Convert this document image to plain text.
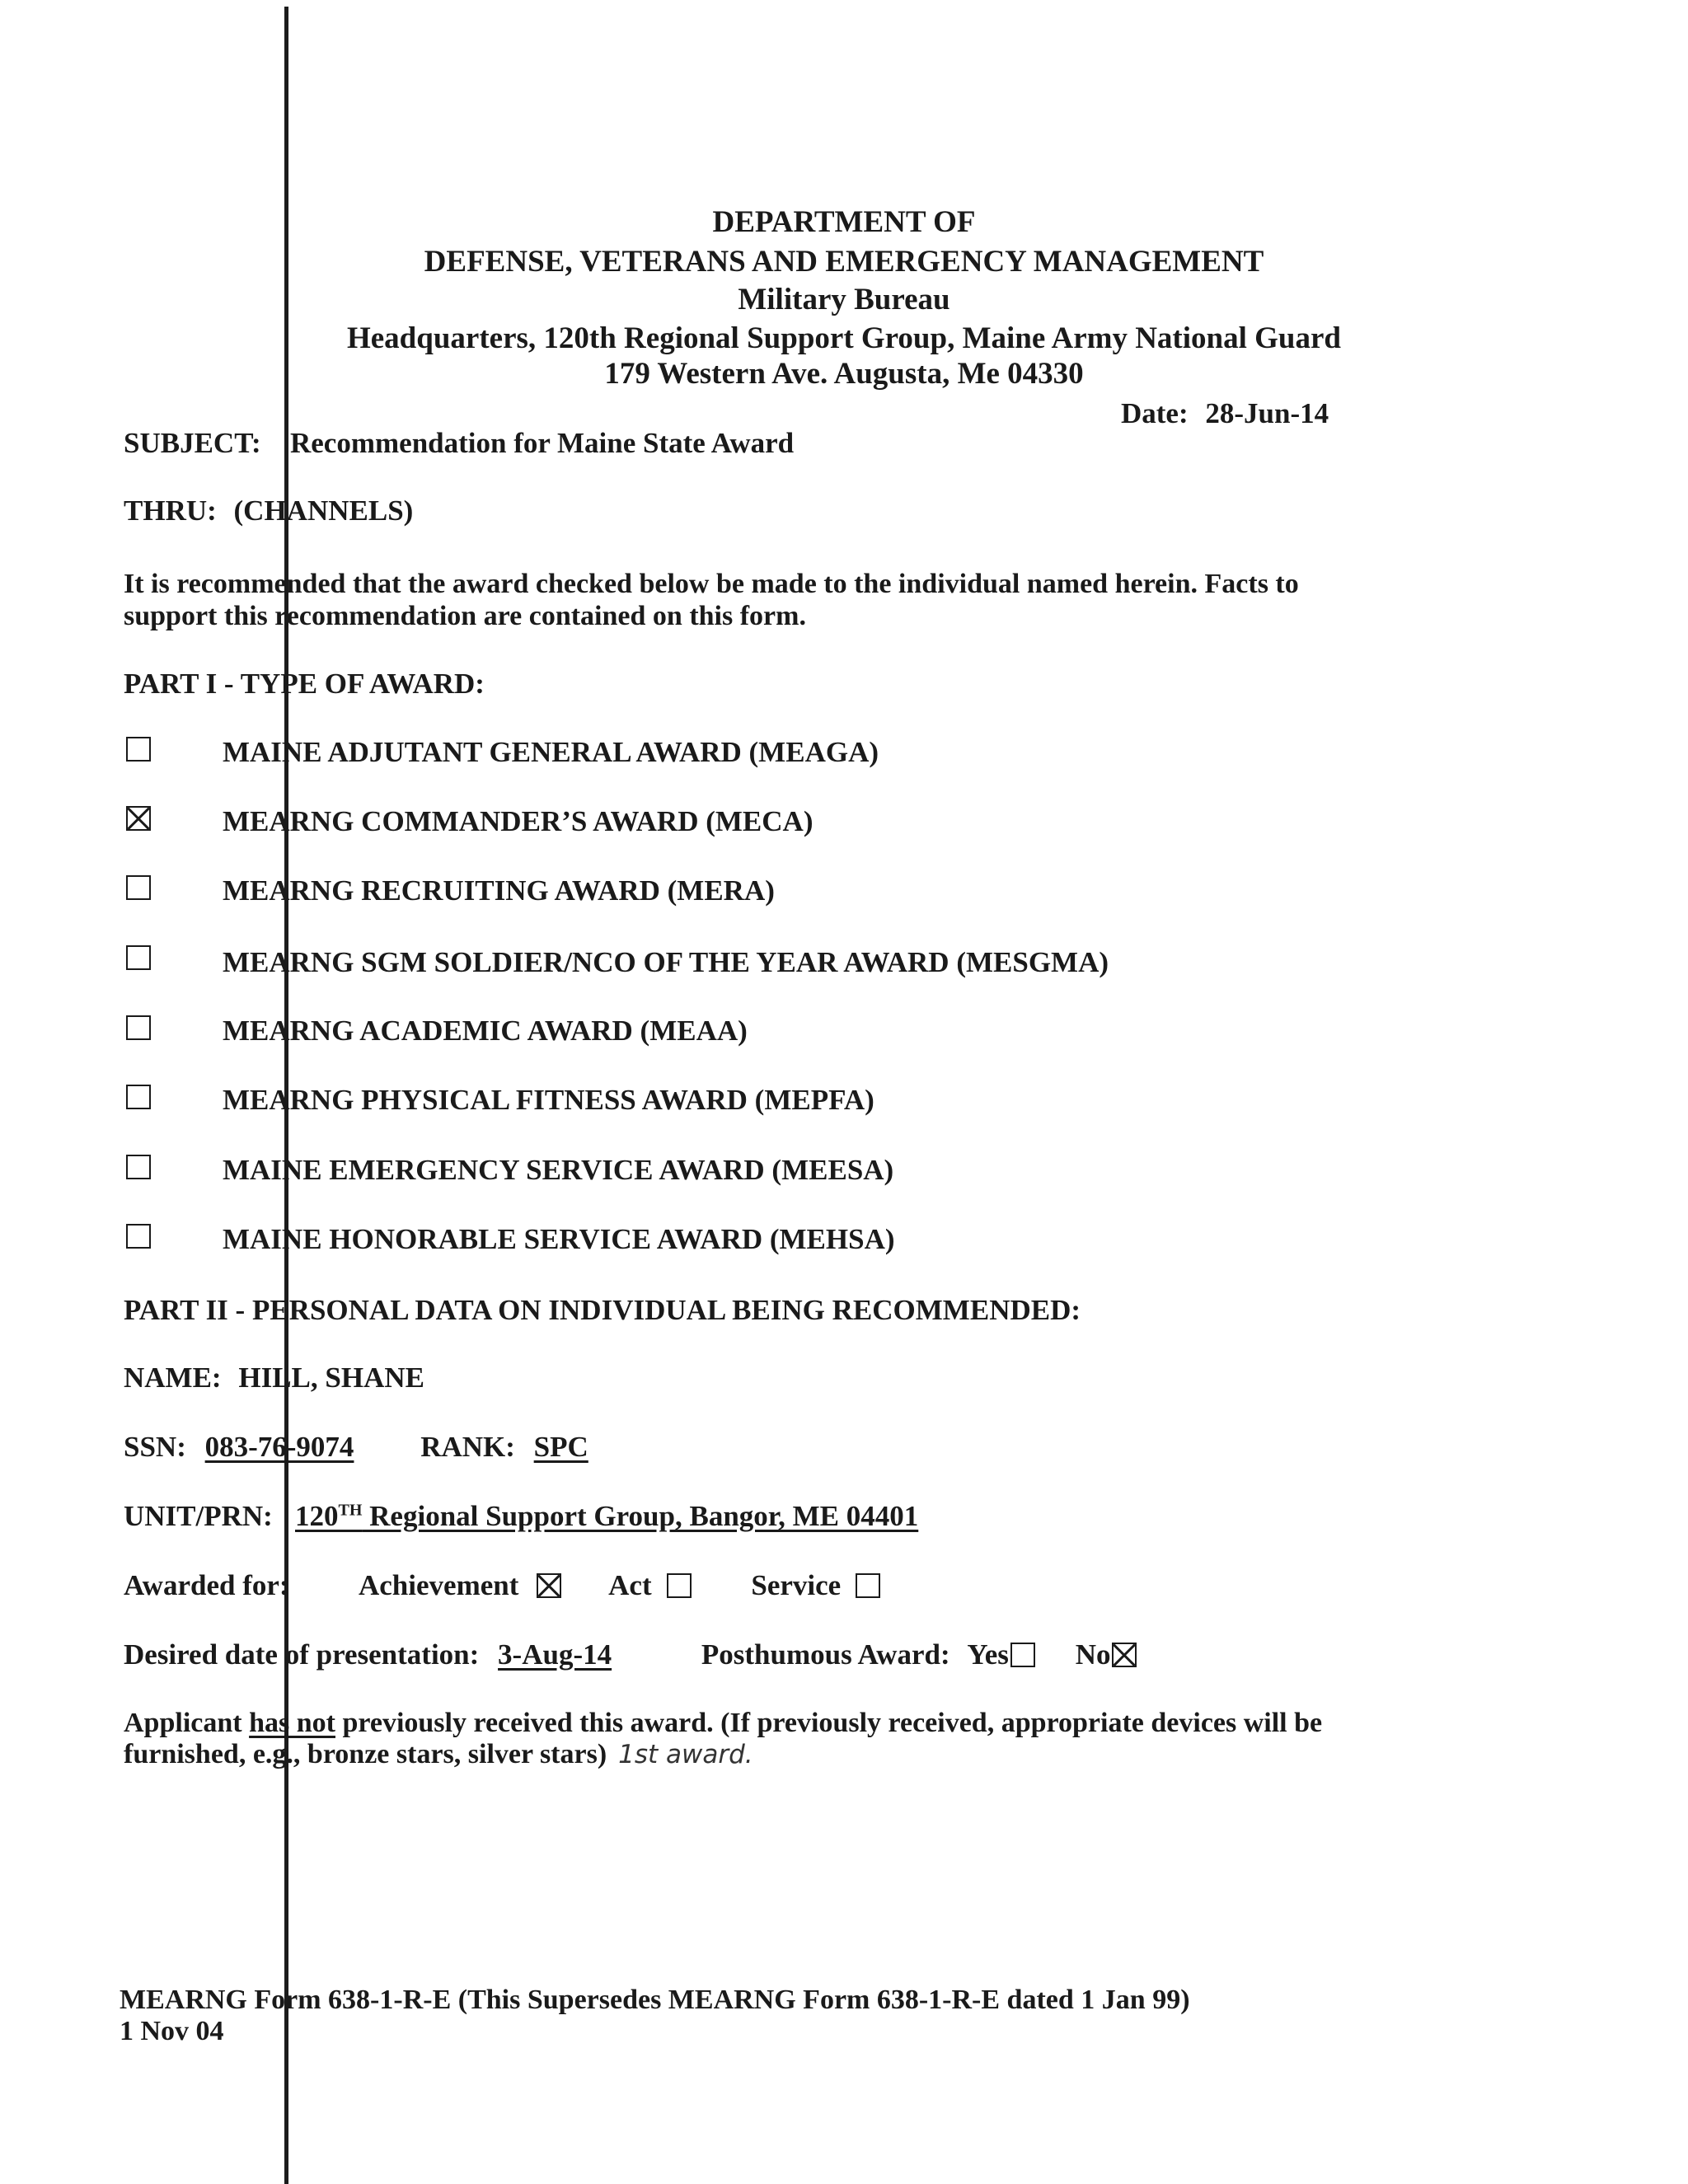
DEPARTMENT OF
DEFENSE, VETERANS AND EMERGENCY MANAGEMENT
Military Bureau
Headquarters, 120th Regional Support Group, Maine Army National Guard
179 Western Ave. Augusta, Me 04330
Date: 28-Jun-14
SUBJECT: Recommendation for Maine State Award
THRU: (CHANNELS)
It is recommended that the award checked below be made to the individual named herein. Facts to
support this recommendation are contained on this form.
PART I - TYPE OF AWARD:
MAINE ADJUTANT GENERAL AWARD (MEAGA)
MEARNG COMMANDER’S AWARD (MECA)
MEARNG RECRUITING AWARD (MERA)
MEARNG SGM SOLDIER/NCO OF THE YEAR AWARD (MESGMA)
MEARNG ACADEMIC AWARD (MEAA)
MEARNG PHYSICAL FITNESS AWARD (MEPFA)
MAINE EMERGENCY SERVICE AWARD (MEESA)
MAINE HONORABLE SERVICE AWARD (MEHSA)
PART II - PERSONAL DATA ON INDIVIDUAL BEING RECOMMENDED:
NAME: HILL, SHANE
SSN: 083-76-9074 RANK: SPC
UNIT/PRN: 120TH Regional Support Group, Bangor, ME 04401
Awarded for: Achievement	Act	Service
Desired date of presentation: 3-Aug-14	Posthumous Award: Yes No
Applicant has not previously received this award. (If previously received, appropriate devices will be
furnished, e.g., bronze stars, silver stars) 1st award.
MEARNG Form 638-1-R-E (This Supersedes MEARNG Form 638-1-R-E dated 1 Jan 99)
1 Nov 04
